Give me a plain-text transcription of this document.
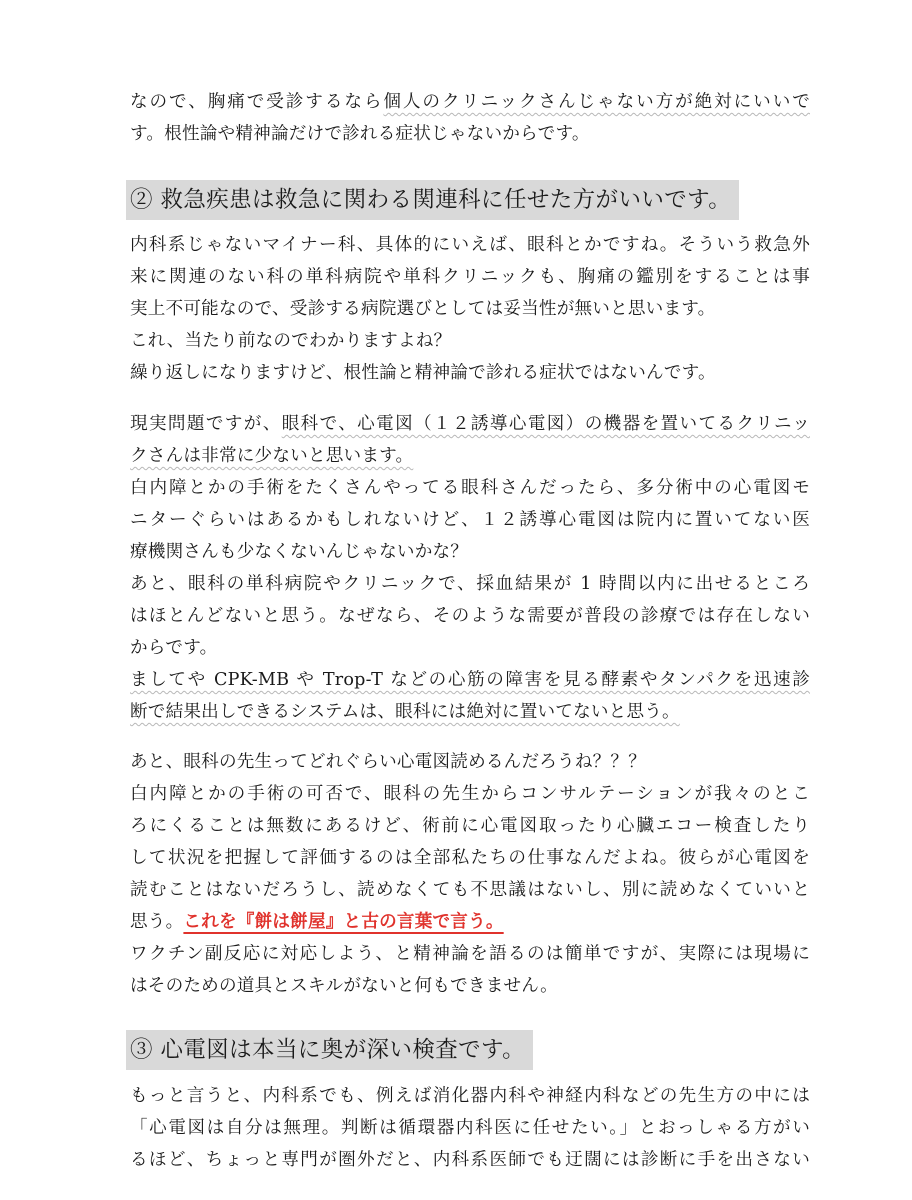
なので、胸痛で受診するなら個人のクリニックさんじゃない方が絶対にいいで
す。根性論や精神論だけで診れる症状じゃないからです。
② 救急疾患は救急に関わる関連科に任せた方がいいです。
内科系じゃないマイナー科、具体的にいえば、眼科とかですね。そういう救急外
来に関連のない科の単科病院や単科クリニックも、胸痛の鑑別をすることは事
実上不可能なので、受診する病院選びとしては妥当性が無いと思います。
これ、当たり前なのでわかりますよね？
繰り返しになりますけど、根性論と精神論で診れる症状ではないんです。
現実問題ですが、眼科で、心電図（１２誘導心電図）の機器を置いてるクリニッ
クさんは非常に少ないと思います。
白内障とかの手術をたくさんやってる眼科さんだったら、多分術中の心電図モ
ニターぐらいはあるかもしれないけど、１２誘導心電図は院内に置いてない医
療機関さんも少なくないんじゃないかな？
あと、眼科の単科病院やクリニックで、採血結果が 1 時間以内に出せるところ
はほとんどないと思う。なぜなら、そのような需要が普段の診療では存在しない
からです。
ましてや CPK-MB や Trop-T などの心筋の障害を見る酵素やタンパクを迅速診
断で結果出しできるシステムは、眼科には絶対に置いてないと思う。
あと、眼科の先生ってどれぐらい心電図読めるんだろうね？？？
白内障とかの手術の可否で、眼科の先生からコンサルテーションが我々のとこ
ろにくることは無数にあるけど、術前に心電図取ったり心臓エコー検査したり
して状況を把握して評価するのは全部私たちの仕事なんだよね。彼らが心電図を
読むことはないだろうし、読めなくても不思議はないし、別に読めなくていいと
思う。これを『餅は餅屋』と古の言葉で言う。
ワクチン副反応に対応しよう、と精神論を語るのは簡単ですが、実際には現場に
はそのための道具とスキルがないと何もできません。
③ 心電図は本当に奥が深い検査です。
もっと言うと、内科系でも、例えば消化器内科や神経内科などの先生方の中には
「心電図は自分は無理。判断は循環器内科医に任せたい。」とおっしゃる方がい
るほど、ちょっと専門が圏外だと、内科系医師でも迂闊には診断に手を出さない
